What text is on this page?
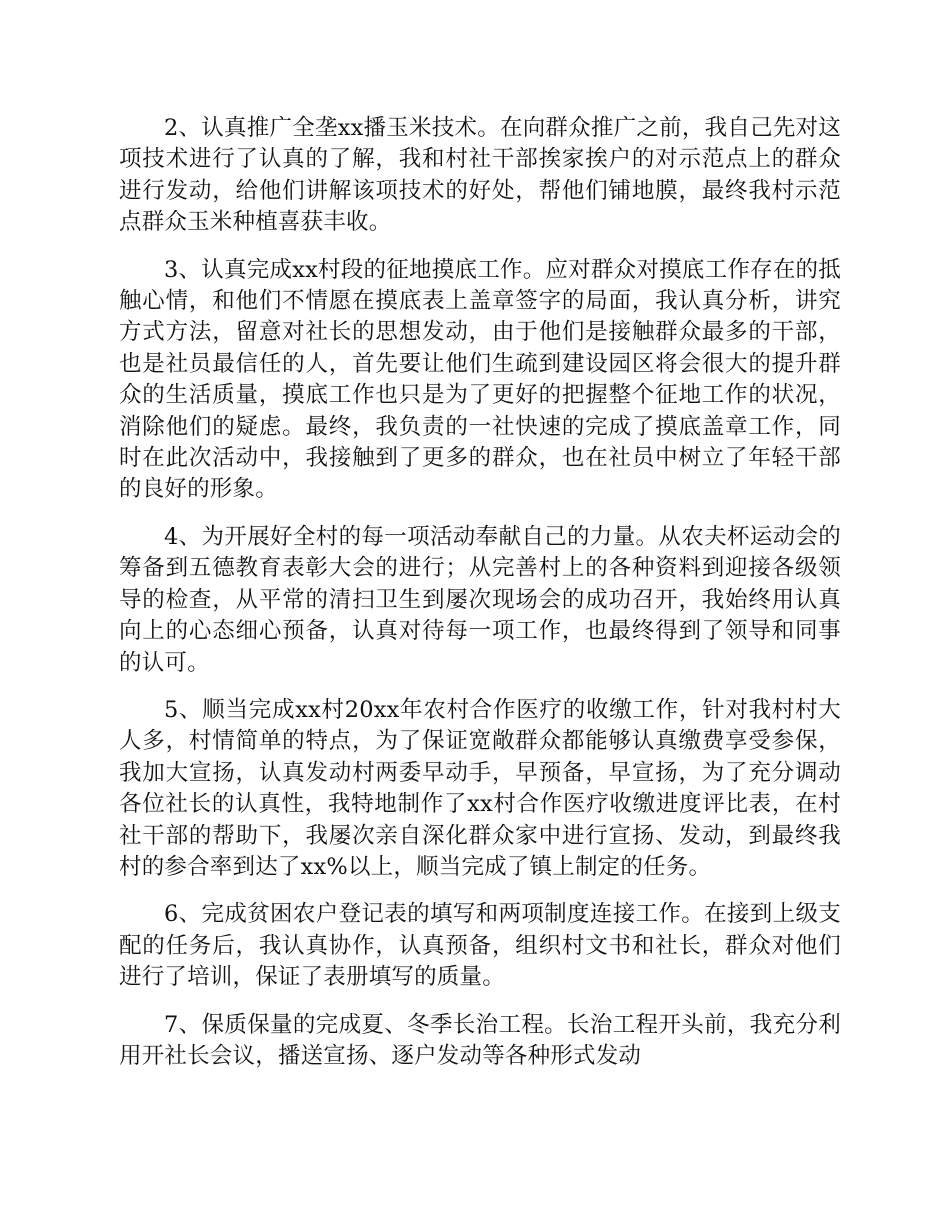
2、认真推广全垄xx播玉米技术。在向群众推广之前，我自己先对这项技术进行了认真的了解，我和村社干部挨家挨户的对示范点上的群众进行发动，给他们讲解该项技术的好处，帮他们铺地膜，最终我村示范点群众玉米种植喜获丰收。

3、认真完成xx村段的征地摸底工作。应对群众对摸底工作存在的抵触心情，和他们不情愿在摸底表上盖章签字的局面，我认真分析，讲究方式方法，留意对社长的思想发动，由于他们是接触群众最多的干部，也是社员最信任的人，首先要让他们生疏到建设园区将会很大的提升群众的生活质量，摸底工作也只是为了更好的把握整个征地工作的状况，消除他们的疑虑。最终，我负责的一社快速的完成了摸底盖章工作，同时在此次活动中，我接触到了更多的群众，也在社员中树立了年轻干部的良好的形象。

4、为开展好全村的每一项活动奉献自己的力量。从农夫杯运动会的筹备到五德教育表彰大会的进行；从完善村上的各种资料到迎接各级领导的检查，从平常的清扫卫生到屡次现场会的成功召开，我始终用认真向上的心态细心预备，认真对待每一项工作，也最终得到了领导和同事的认可。

5、顺当完成xx村20xx年农村合作医疗的收缴工作，针对我村村大人多，村情简单的特点，为了保证宽敞群众都能够认真缴费享受参保，我加大宣扬，认真发动村两委早动手，早预备，早宣扬，为了充分调动各位社长的认真性，我特地制作了xx村合作医疗收缴进度评比表，在村社干部的帮助下，我屡次亲自深化群众家中进行宣扬、发动，到最终我村的参合率到达了xx%以上，顺当完成了镇上制定的任务。

6、完成贫困农户登记表的填写和两项制度连接工作。在接到上级支配的任务后，我认真协作，认真预备，组织村文书和社长，群众对他们进行了培训，保证了表册填写的质量。

7、保质保量的完成夏、冬季长治工程。长治工程开头前，我充分利用开社长会议，播送宣扬、逐户发动等各种形式发动
